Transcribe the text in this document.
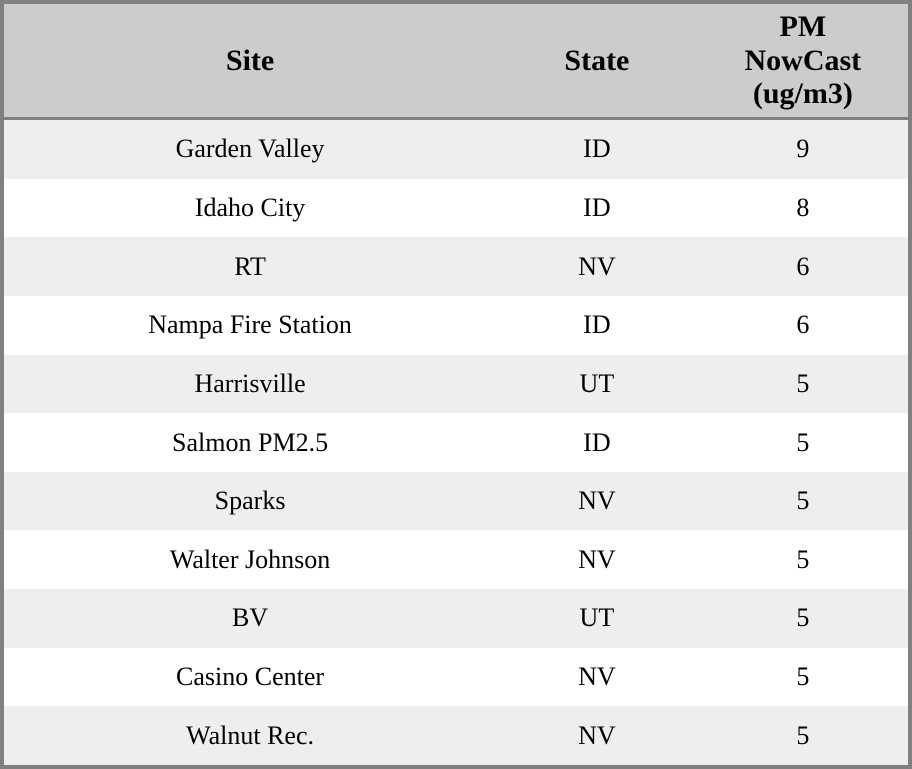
Site	State	PM
NowCast
(ug/m3)

Garden Valley	ID	9
Idaho City	ID	8
RT	NV	6
Nampa Fire Station	ID	6
Harrisville	UT	5
Salmon PM2.5	ID	5
Sparks	NV	5
Walter Johnson	NV	5
BV	UT	5
Casino Center	NV	5
Walnut Rec.	NV	5
